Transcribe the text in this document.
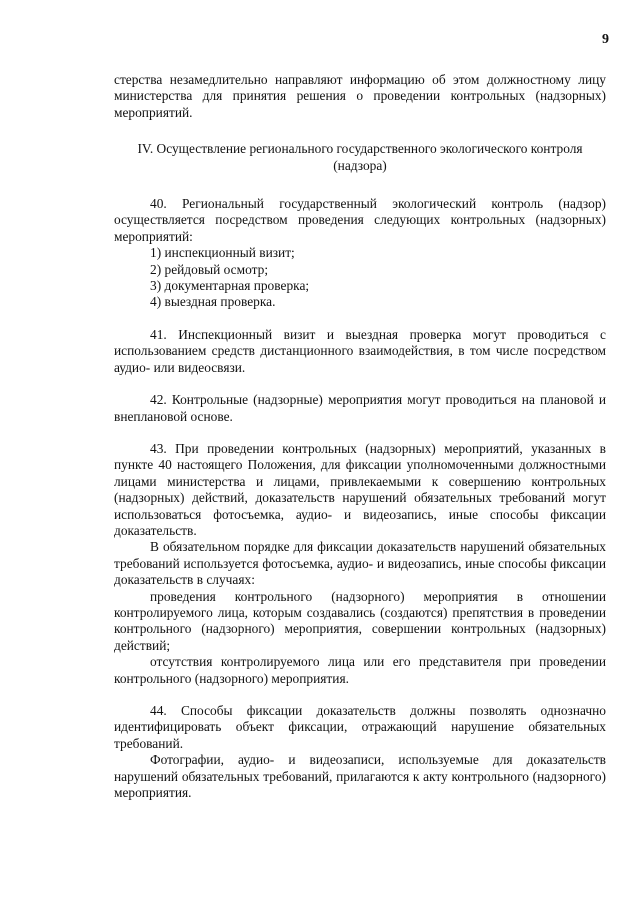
9

стерства незамедлительно направляют информацию об этом должностному лицу министерства для принятия решения о проведении контрольных (надзорных) мероприятий.

IV. Осуществление регионального государственного экологического контроля (надзора)

40. Региональный государственный экологический контроль (надзор) осуществляется посредством проведения следующих контрольных (надзорных) мероприятий:

1) инспекционный визит;
2) рейдовый осмотр;
3) документарная проверка;
4) выездная проверка.

41. Инспекционный визит и выездная проверка могут проводиться с использованием средств дистанционного взаимодействия, в том числе посредством аудио- или видеосвязи.

42. Контрольные (надзорные) мероприятия могут проводиться на плановой и внеплановой основе.

43. При проведении контрольных (надзорных) мероприятий, указанных в пункте 40 настоящего Положения, для фиксации уполномоченными должностными лицами министерства и лицами, привлекаемыми к совершению контрольных (надзорных) действий, доказательств нарушений обязательных требований могут использоваться фотосъемка, аудио- и видеозапись, иные способы фиксации доказательств.

В обязательном порядке для фиксации доказательств нарушений обязательных требований используется фотосъемка, аудио- и видеозапись, иные способы фиксации доказательств в случаях:

проведения контрольного (надзорного) мероприятия в отношении контролируемого лица, которым создавались (создаются) препятствия в проведении контрольного (надзорного) мероприятия, совершении контрольных (надзорных) действий;

отсутствия контролируемого лица или его представителя при проведении контрольного (надзорного) мероприятия.

44. Способы фиксации доказательств должны позволять однозначно идентифицировать объект фиксации, отражающий нарушение обязательных требований.

Фотографии, аудио- и видеозаписи, используемые для доказательств нарушений обязательных требований, прилагаются к акту контрольного (надзорного) мероприятия.
